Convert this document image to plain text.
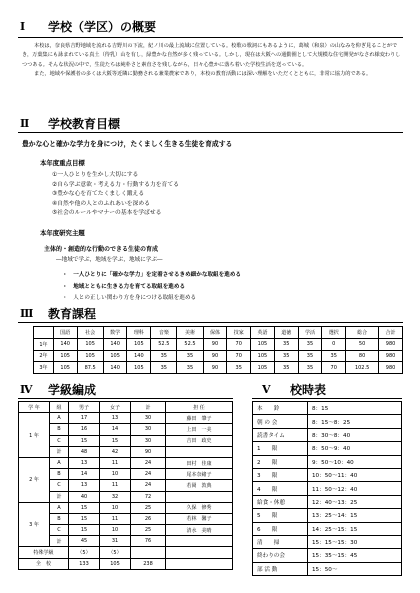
Ⅰ	学校（学区）の概要

本校は，奈良県吉野地域を流れる吉野川の下流，紀ノ川の最上流域に位置している。校歌の歌詞にもあるように，葛城（和泉）の山なみを仰ぎ見ることができ，万葉集にも詠まれている真土（待乳）山を有し，緑豊かな自然が多く残っている。しかし，現在は大阪への通勤圏として大規模な住宅開発がなされ様変わりしつつある。そんな状況の中で，生徒たちは純朴さと素直さを残しながら，日々心豊かに落ち着いた学校生活を送っている。

また，地域や保護者の多くは大阪等近隣に勤務される兼業農家であり，本校の教育活動には深い理解をいただくとともに，非常に協力的である。

Ⅱ	学校教育目標
豊かな心と確かな学力を身につけ，たくましく生きる生徒を育成する
本年度重点目標
①一人ひとりを生かし大切にする
②自ら学ぶ意欲・考える力・行動する力を育てる
③豊かな心を育てたくましく鍛える
④自然や他の人とのふれあいを深める
⑤社会のルールやマナーの基本を学ばせる
本年度研究主題
主体的・創造的な行動のできる生徒の育成
―地域で学ぶ，地域を学ぶ，地域に学ぶ―
・　一人ひとりに「確かな学力」を定着させるきめ細かな取組を進める
・　地域とともに生きる力を育てる取組を進める
・　人との正しい関わり方を身につける取組を進める
Ⅲ	教育課程
	国語	社会	数学	理科	音楽	美術	保体	技家	英語	道徳	学活	選択	総合	合計
1年	140	105	140	105	52.5	52.5	90	70	105	35	35	0	50	980
2年	105	105	105	140	35	35	90	70	105	35	35	35	80	980
3年	105	87.5	140	105	35	35	90	35	105	35	35	70	102.5	980
Ⅳ	学級編成
学 年	組	男子	女子	計	担 任
1 年	A	17	13	30	藤田　肇子
	B	16	14	30	上田　一美
	C	15	15	30	吉田　政史
	計	48	42	90	
2 年	A	13	11	24	田村　佳康
	B	14	10	24	尾本奈緒子
	C	13	11	24	若岡　敦典
	計	40	32	72	
3 年	A	15	10	25	久保　修秀
	B	15	11	26	若林　馨子
	C	15	10	25	清水　美晴
	計	45	31	76	
特殊学級		（5）	（5）		
全　校		133	105	238	
Ⅴ	校時表
本　　鈴	8：15
朝 の 会	8：15～8：25
読書タイム	8：30～8：40
1　　限	8：50～9：40
2　　限	9：50～10：40
3　　限	10：50～11：40
4　　限	11：50～12：40
給食・休憩	12：40～13：25
5　　限	13：25～14：15
6　　限	14：25～15：15
清　　掃	15：15～15：30
終わりの会	15：35～15：45
部 活 動	15：50～
